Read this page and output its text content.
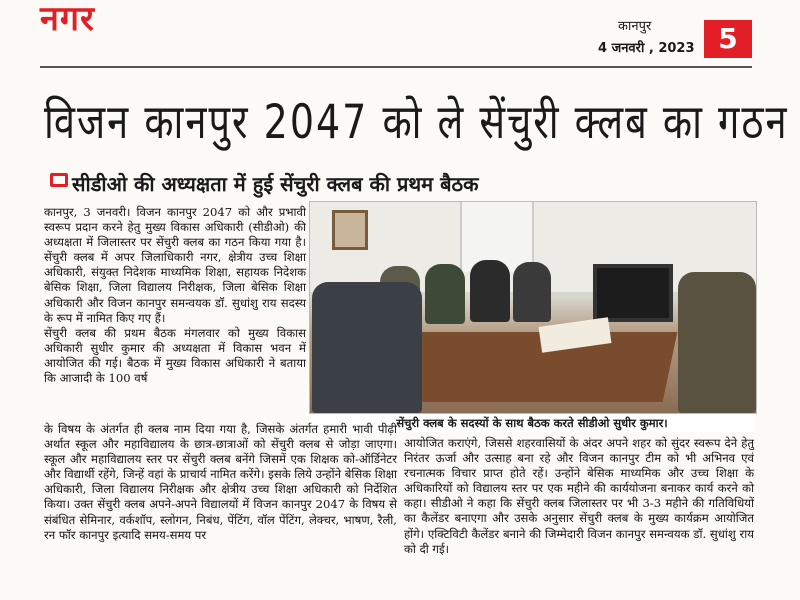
नगर	कानपुर
4 जनवरी , 2023 5
विजन कानपुर 2047 को ले सेंचुरी क्लब का गठन
सीडीओ की अध्यक्षता में हुई सेंचुरी क्लब की प्रथम बैठक

कानपुर, 3 जनवरी। विजन कानपुर 2047 को और प्रभावी स्वरूप प्रदान करने हेतु मुख्य विकास अधिकारी (सीडीओ) की अध्यक्षता में जिलास्तर पर सेंचुरी क्लब का गठन किया गया है। सेंचुरी क्लब में अपर जिलाधिकारी नगर, क्षेत्रीय उच्च शिक्षा अधिकारी, संयुक्त निदेशक माध्यमिक शिक्षा, सहायक निदेशक बेसिक शिक्षा, जिला विद्यालय निरीक्षक, जिला बेसिक शिक्षा अधिकारी और विजन कानपुर समन्वयक डॉ. सुधांशु राय सदस्य के रूप में नामित किए गए हैं।

सेंचुरी क्लब की प्रथम बैठक मंगलवार को मुख्य विकास अधिकारी सुधीर कुमार की अध्यक्षता में विकास भवन में आयोजित की गई। बैठक में मुख्य विकास अधिकारी ने बताया कि आजादी के 100 वर्ष

सेंचुरी क्लब के सदस्यों के साथ बैठक करते सीडीओ सुधीर कुमार।

के विषय के अंतर्गत ही क्लब नाम दिया गया है, जिसके अंतर्गत हमारी भावी पीढ़ी अर्थात स्कूल और महाविद्यालय के छात्र-छात्राओं को सेंचुरी क्लब से जोड़ा जाएगा। स्कूल और महाविद्यालय स्तर पर सेंचुरी क्लब बनेंगे जिसमें एक शिक्षक को-ऑर्डिनेटर और विद्यार्थी रहेंगे, जिन्हें वहां के प्राचार्य नामित करेंगे। इसके लिये उन्होंने बेसिक शिक्षा अधिकारी, जिला विद्यालय निरीक्षक और क्षेत्रीय उच्च शिक्षा अधिकारी को निर्देशित किया। उक्त सेंचुरी क्लब अपने-अपने विद्यालयों में विजन कानपुर 2047 के विषय से संबंधित सेमिनार, वर्कशॉप, स्लोगन, निबंध, पेंटिंग, वॉल पेंटिंग, लेक्चर, भाषण, रैली, रन फॉर कानपुर इत्यादि समय-समय पर

आयोजित कराएंगे, जिससे शहरवासियों के अंदर अपने शहर को सुंदर स्वरूप देने हेतु निरंतर ऊर्जा और उत्साह बना रहे और विजन कानपुर टीम को भी अभिनव एवं रचनात्मक विचार प्राप्त होते रहें। उन्होंने बेसिक माध्यमिक और उच्च शिक्षा के अधिकारियों को विद्यालय स्तर पर एक महीने की कार्ययोजना बनाकर कार्य करने को कहा। सीडीओ ने कहा कि सेंचुरी क्लब जिलास्तर पर भी 3-3 महीने की गतिविधियों का कैलेंडर बनाएगा और उसके अनुसार सेंचुरी क्लब के मुख्य कार्यक्रम आयोजित होंगे। एक्टिविटी कैलेंडर बनाने की जिम्मेदारी विजन कानपुर समन्वयक डॉ. सुधांशु राय को दी गई।
